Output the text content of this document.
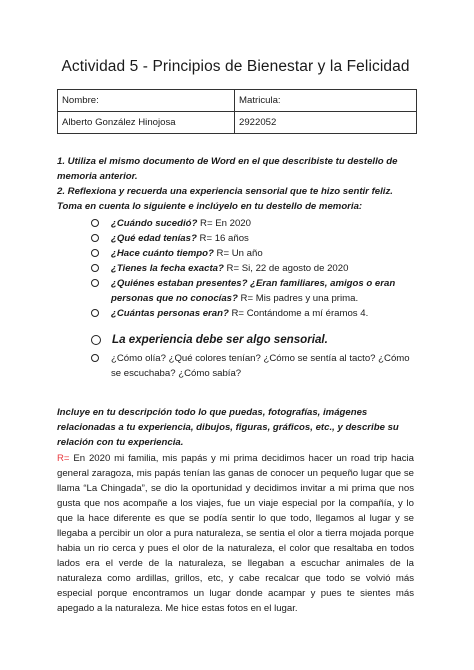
Actividad 5 - Principios de Bienestar y la Felicidad
Nombre:	Matricula:
Alberto González Hinojosa	2922052

1. Utiliza el mismo documento de Word en el que describiste tu destello de memoria anterior.

2. Reflexiona y recuerda una experiencia sensorial que te hizo sentir feliz. Toma en cuenta lo siguiente e inclúyelo en tu destello de memoria:

¿Cuándo sucedió? R= En 2020
¿Qué edad tenías? R= 16 años
¿Hace cuánto tiempo? R= Un año
¿Tienes la fecha exacta? R= Si, 22 de agosto de 2020
¿Quiénes estaban presentes? ¿Eran familiares, amigos o eran personas que no conocías? R= Mis padres y una prima.
¿Cuántas personas eran? R= Contándome a mí éramos 4.
La experiencia debe ser algo sensorial.
¿Cómo olía? ¿Qué colores tenían? ¿Cómo se sentía al tacto? ¿Cómo se escuchaba? ¿Cómo sabía?
Incluye en tu descripción todo lo que puedas, fotografías, imágenes relacionadas a tu experiencia, dibujos, figuras, gráficos, etc., y describe su relación con tu experiencia.

R= En 2020 mi familia, mis papás y mi prima decidimos hacer un road trip hacia general zaragoza, mis papás tenían las ganas de conocer un pequeño lugar que se llama “La Chingada”, se dio la oportunidad y decidimos invitar a mi prima que nos gusta que nos acompañe a los viajes, fue un viaje especial por la compañía, y lo que la hace diferente es que se podía sentir lo que todo, llegamos al lugar y se llegaba a percibir un olor a pura naturaleza, se sentia el olor a tierra mojada porque habia un rio cerca y pues el olor de la naturaleza, el color que resaltaba en todos lados era el verde de la naturaleza, se llegaban a escuchar animales de la naturaleza como ardillas, grillos, etc, y cabe recalcar que todo se volvió más especial porque encontramos un lugar donde acampar y pues te sientes más apegado a la naturaleza. Me hice estas fotos en el lugar.
